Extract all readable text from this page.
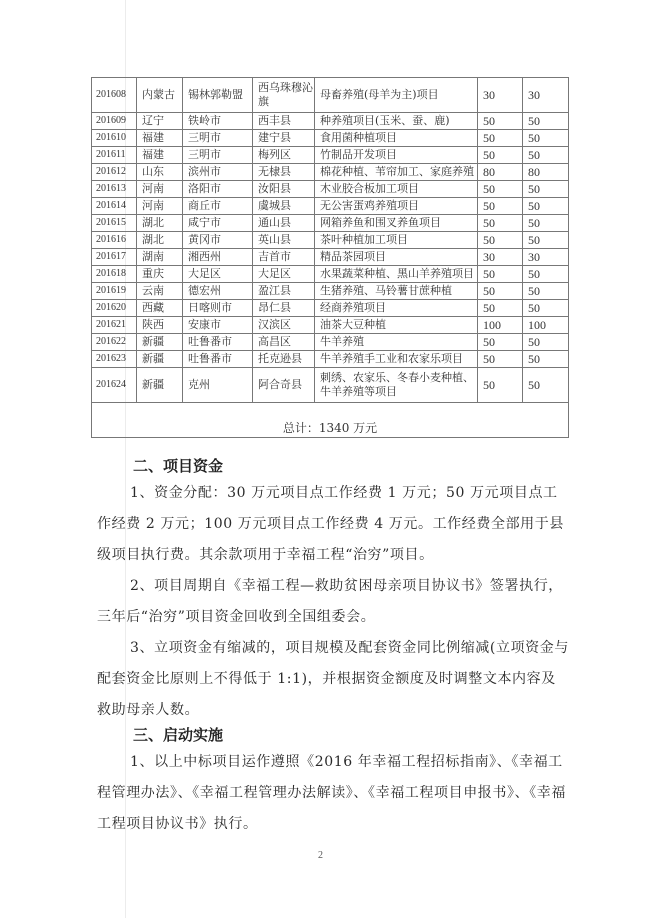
201608	内蒙古	锡林郭勒盟	西乌珠穆沁旗	母畜养殖(母羊为主)项目	30	30
201609	辽宁	铁岭市	西丰县	种养殖项目(玉米、蚕、鹿)	50	50
201610	福建	三明市	建宁县	食用菌种植项目	50	50
201611	福建	三明市	梅列区	竹制品开发项目	50	50
201612	山东	滨州市	无棣县	棉花种植、苇帘加工、家庭养殖	80	80
201613	河南	洛阳市	汝阳县	木业胶合板加工项目	50	50
201614	河南	商丘市	虞城县	无公害蛋鸡养殖项目	50	50
201615	湖北	咸宁市	通山县	网箱养鱼和围叉养鱼项目	50	50
201616	湖北	黄冈市	英山县	茶叶种植加工项目	50	50
201617	湖南	湘西州	吉首市	精品茶园项目	30	30
201618	重庆	大足区	大足区	水果蔬菜种植、黑山羊养殖项目	50	50
201619	云南	德宏州	盈江县	生猪养殖、马铃薯甘蔗种植	50	50
201620	西藏	日喀则市	昂仁县	经商养殖项目	50	50
201621	陕西	安康市	汉滨区	油茶大豆种植	100	100
201622	新疆	吐鲁番市	高昌区	牛羊养殖	50	50
201623	新疆	吐鲁番市	托克逊县	牛羊养殖手工业和农家乐项目	50	50
201624	新疆	克州	阿合奇县	刺绣、农家乐、冬春小麦种植、牛羊养殖等项目	50	50
总计：1340 万元						
二、项目资金
1、资金分配：30 万元项目点工作经费 1 万元；50 万元项目点工作经费 2 万元；100 万元项目点工作经费 4 万元。工作经费全部用于县级项目执行费。其余款项用于幸福工程“治穷”项目。
2、项目周期自《幸福工程—救助贫困母亲项目协议书》签署执行，三年后“治穷”项目资金回收到全国组委会。
3、立项资金有缩减的，项目规模及配套资金同比例缩减(立项资金与配套资金比原则上不得低于 1:1)，并根据资金额度及时调整文本内容及救助母亲人数。
三、启动实施
1、以上中标项目运作遵照《2016 年幸福工程招标指南》、《幸福工程管理办法》、《幸福工程管理办法解读》、《幸福工程项目申报书》、《幸福工程项目协议书》执行。
2
